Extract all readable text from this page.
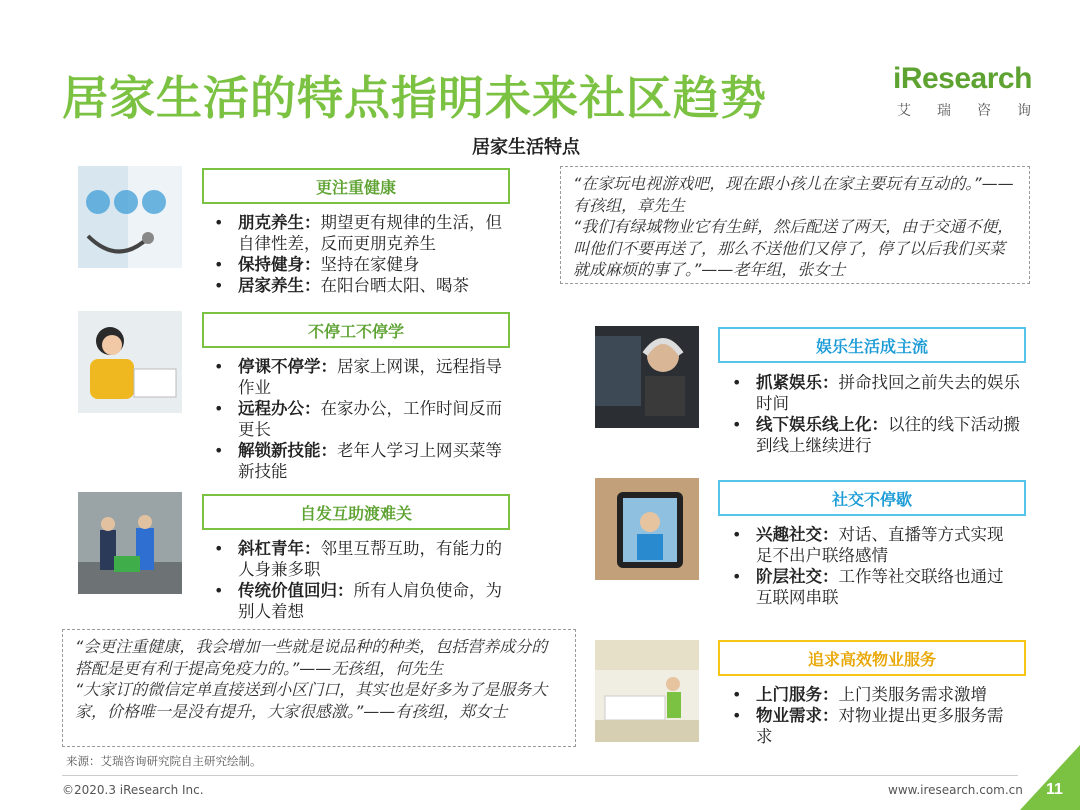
居家生活的特点指明未来社区趋势	iResearch
艾瑞咨询
居家生活特点
更注重健康
• 朋克养生：期望更有规律的生活，但自律性差，反而更朋克养生
• 保持健身：坚持在家健身
• 居家养生：在阳台晒太阳、喝茶
不停工不停学
• 停课不停学：居家上网课，远程指导作业
• 远程办公：在家办公，工作时间反而更长
• 解锁新技能：老年人学习上网买菜等新技能
自发互助渡难关
• 斜杠青年：邻里互帮互助，有能力的人身兼多职
• 传统价值回归：所有人肩负使命，为别人着想

“会更注重健康，我会增加一些就是说品种的种类，包括营养成分的搭配是更有利于提高免疫力的。”——无孩组，何先生

“大家订的微信定单直接送到小区门口，其实也是好多为了是服务大家，价格唯一是没有提升，大家很感激。”——有孩组，郑女士

“在家玩电视游戏吧，现在跟小孩儿在家主要玩有互动的。”——有孩组，章先生

“我们有绿城物业它有生鲜，然后配送了两天，由于交通不便，叫他们不要再送了，那么不送他们又停了，停了以后我们买菜就成麻烦的事了。”——老年组，张女士

娱乐生活成主流
• 抓紧娱乐：拼命找回之前失去的娱乐时间
• 线下娱乐线上化：以往的线下活动搬到线上继续进行
社交不停歇
• 兴趣社交：对话、直播等方式实现足不出户联络感情
• 阶层社交：工作等社交联络也通过互联网串联
追求高效物业服务
• 上门服务：上门类服务需求激增
• 物业需求：对物业提出更多服务需求
来源：艾瑞咨询研究院自主研究绘制。
©2020.3 iResearch Inc.	www.iresearch.com.cn 11
